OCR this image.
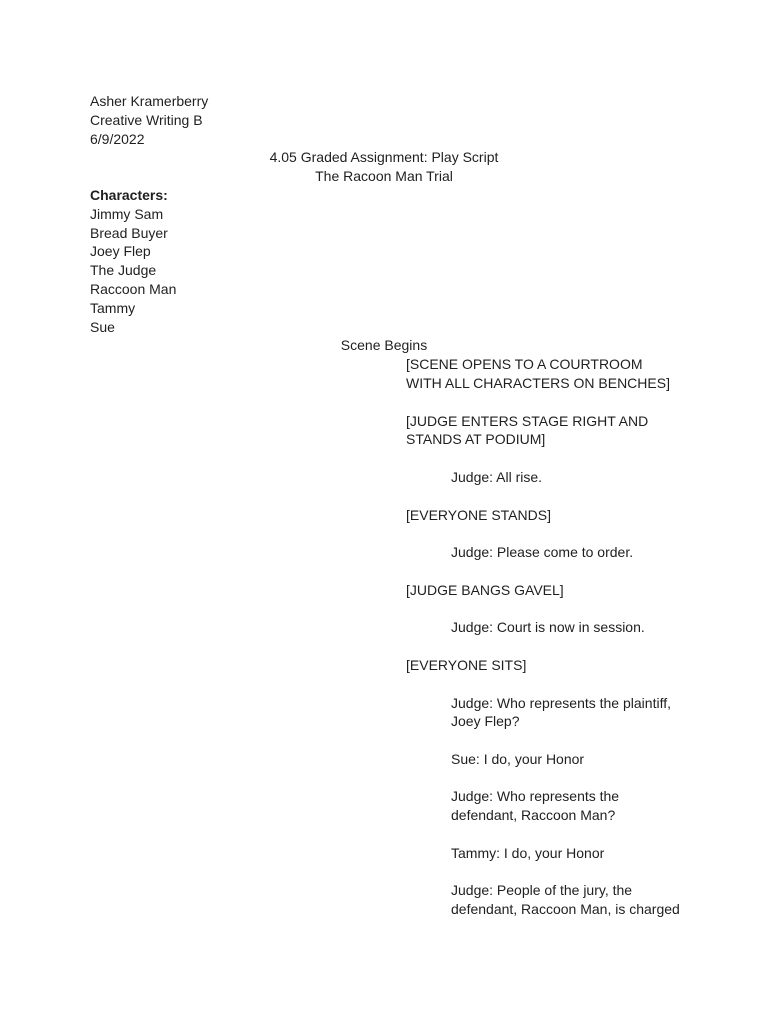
Asher Kramerberry
Creative Writing B
6/9/2022
4.05 Graded Assignment: Play Script
The Racoon Man Trial
Characters:
Jimmy Sam
Bread Buyer
Joey Flep
The Judge
Raccoon Man
Tammy
Sue
Scene Begins
[SCENE OPENS TO A COURTROOM
WITH ALL CHARACTERS ON BENCHES]
[JUDGE ENTERS STAGE RIGHT AND
STANDS AT PODIUM]
Judge: All rise.
[EVERYONE STANDS]
Judge: Please come to order.
[JUDGE BANGS GAVEL]
Judge: Court is now in session.
[EVERYONE SITS]
Judge: Who represents the plaintiff,
Joey Flep?
Sue: I do, your Honor
Judge: Who represents the
defendant, Raccoon Man?
Tammy: I do, your Honor
Judge: People of the jury, the
defendant, Raccoon Man, is charged
